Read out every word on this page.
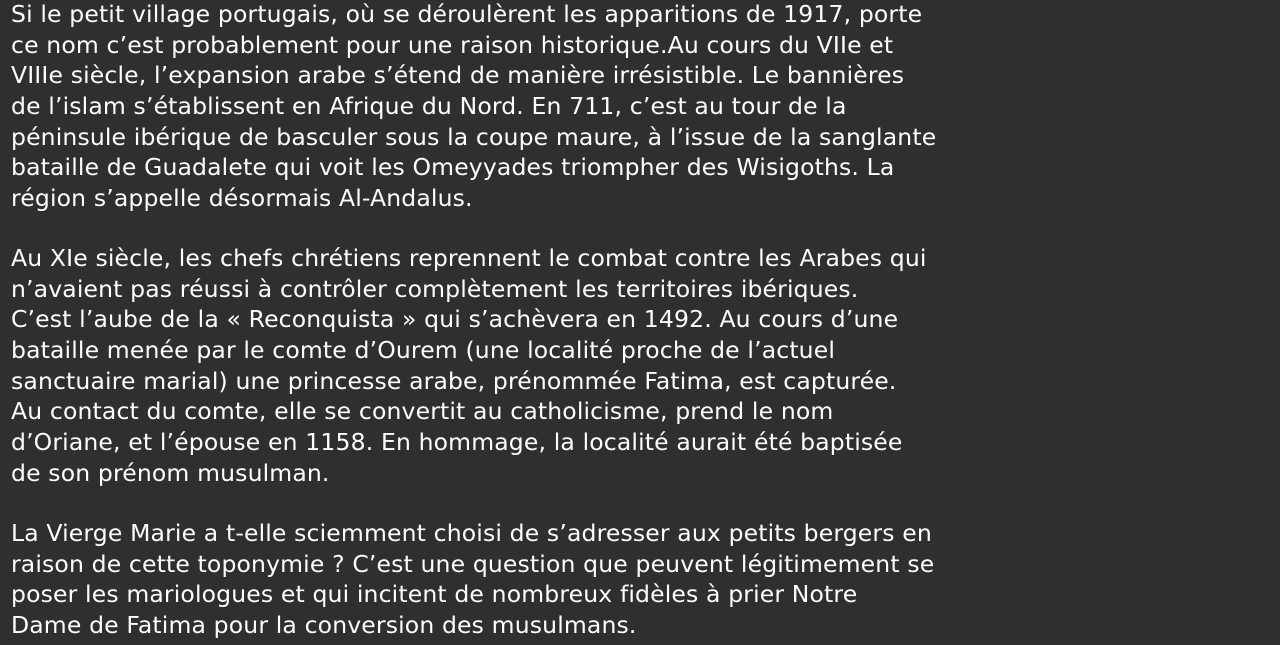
Si le petit village portugais, où se déroulèrent les apparitions de 1917, porte
ce nom c’est probablement pour une raison historique.Au cours du VIIe et
VIIIe siècle, l’expansion arabe s’étend de manière irrésistible. Le bannières
de l’islam s’établissent en Afrique du Nord. En 711, c’est au tour de la
péninsule ibérique de basculer sous la coupe maure, à l’issue de la sanglante
bataille de Guadalete qui voit les Omeyyades triompher des Wisigoths. La
région s’appelle désormais Al-Andalus.

Au XIe siècle, les chefs chrétiens reprennent le combat contre les Arabes qui
n’avaient pas réussi à contrôler complètement les territoires ibériques.
C’est l’aube de la « Reconquista » qui s’achèvera en 1492. Au cours d’une
bataille menée par le comte d’Ourem (une localité proche de l’actuel
sanctuaire marial) une princesse arabe, prénommée Fatima, est capturée.
Au contact du comte, elle se convertit au catholicisme, prend le nom
d’Oriane, et l’épouse en 1158. En hommage, la localité aurait été baptisée
de son prénom musulman.

La Vierge Marie a t-elle sciemment choisi de s’adresser aux petits bergers en
raison de cette toponymie ? C’est une question que peuvent légitimement se
poser les mariologues et qui incitent de nombreux fidèles à prier Notre
Dame de Fatima pour la conversion des musulmans.
